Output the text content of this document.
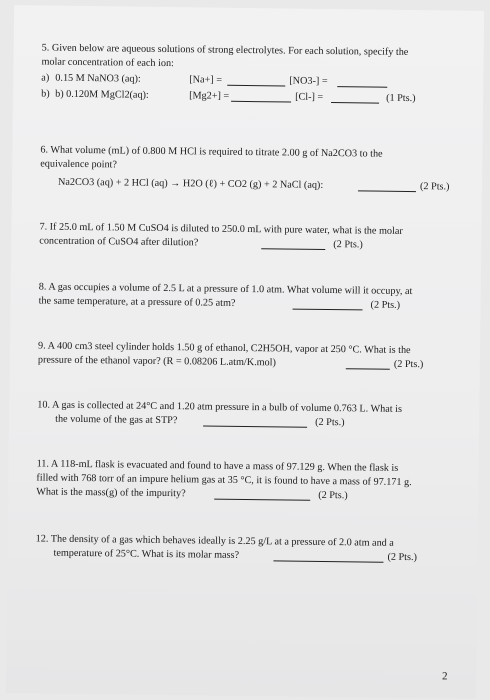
5. Given below are aqueous solutions of strong electrolytes. For each solution, specify the
molar concentration of each ion:
a) 0.15 M NaNO3 (aq):	[Na+] =	[NO3-] =
b) b) 0.120M MgCl2(aq):	[Mg2+] =	[Cl-] =	(1 Pts.)
6. What volume (mL) of 0.800 M HCl is required to titrate 2.00 g of Na2CO3 to the
equivalence point?
Na2CO3 (aq) + 2 HCl (aq) → H2O (ℓ) + CO2 (g) + 2 NaCl (aq):	(2 Pts.)
7. If 25.0 mL of 1.50 M CuSO4 is diluted to 250.0 mL with pure water, what is the molar
concentration of CuSO4 after dilution?	(2 Pts.)
8. A gas occupies a volume of 2.5 L at a pressure of 1.0 atm. What volume will it occupy, at
the same temperature, at a pressure of 0.25 atm?	(2 Pts.)
9. A 400 cm3 steel cylinder holds 1.50 g of ethanol, C2H5OH, vapor at 250 °C. What is the
pressure of the ethanol vapor? (R = 0.08206 L.atm/K.mol)	(2 Pts.)
10. A gas is collected at 24°C and 1.20 atm pressure in a bulb of volume 0.763 L. What is
the volume of the gas at STP?	(2 Pts.)
11. A 118-mL flask is evacuated and found to have a mass of 97.129 g. When the flask is
filled with 768 torr of an impure helium gas at 35 °C, it is found to have a mass of 97.171 g.
What is the mass(g) of the impurity?	(2 Pts.)
12. The density of a gas which behaves ideally is 2.25 g/L at a pressure of 2.0 atm and a
temperature of 25°C. What is its molar mass?	(2 Pts.)
2
